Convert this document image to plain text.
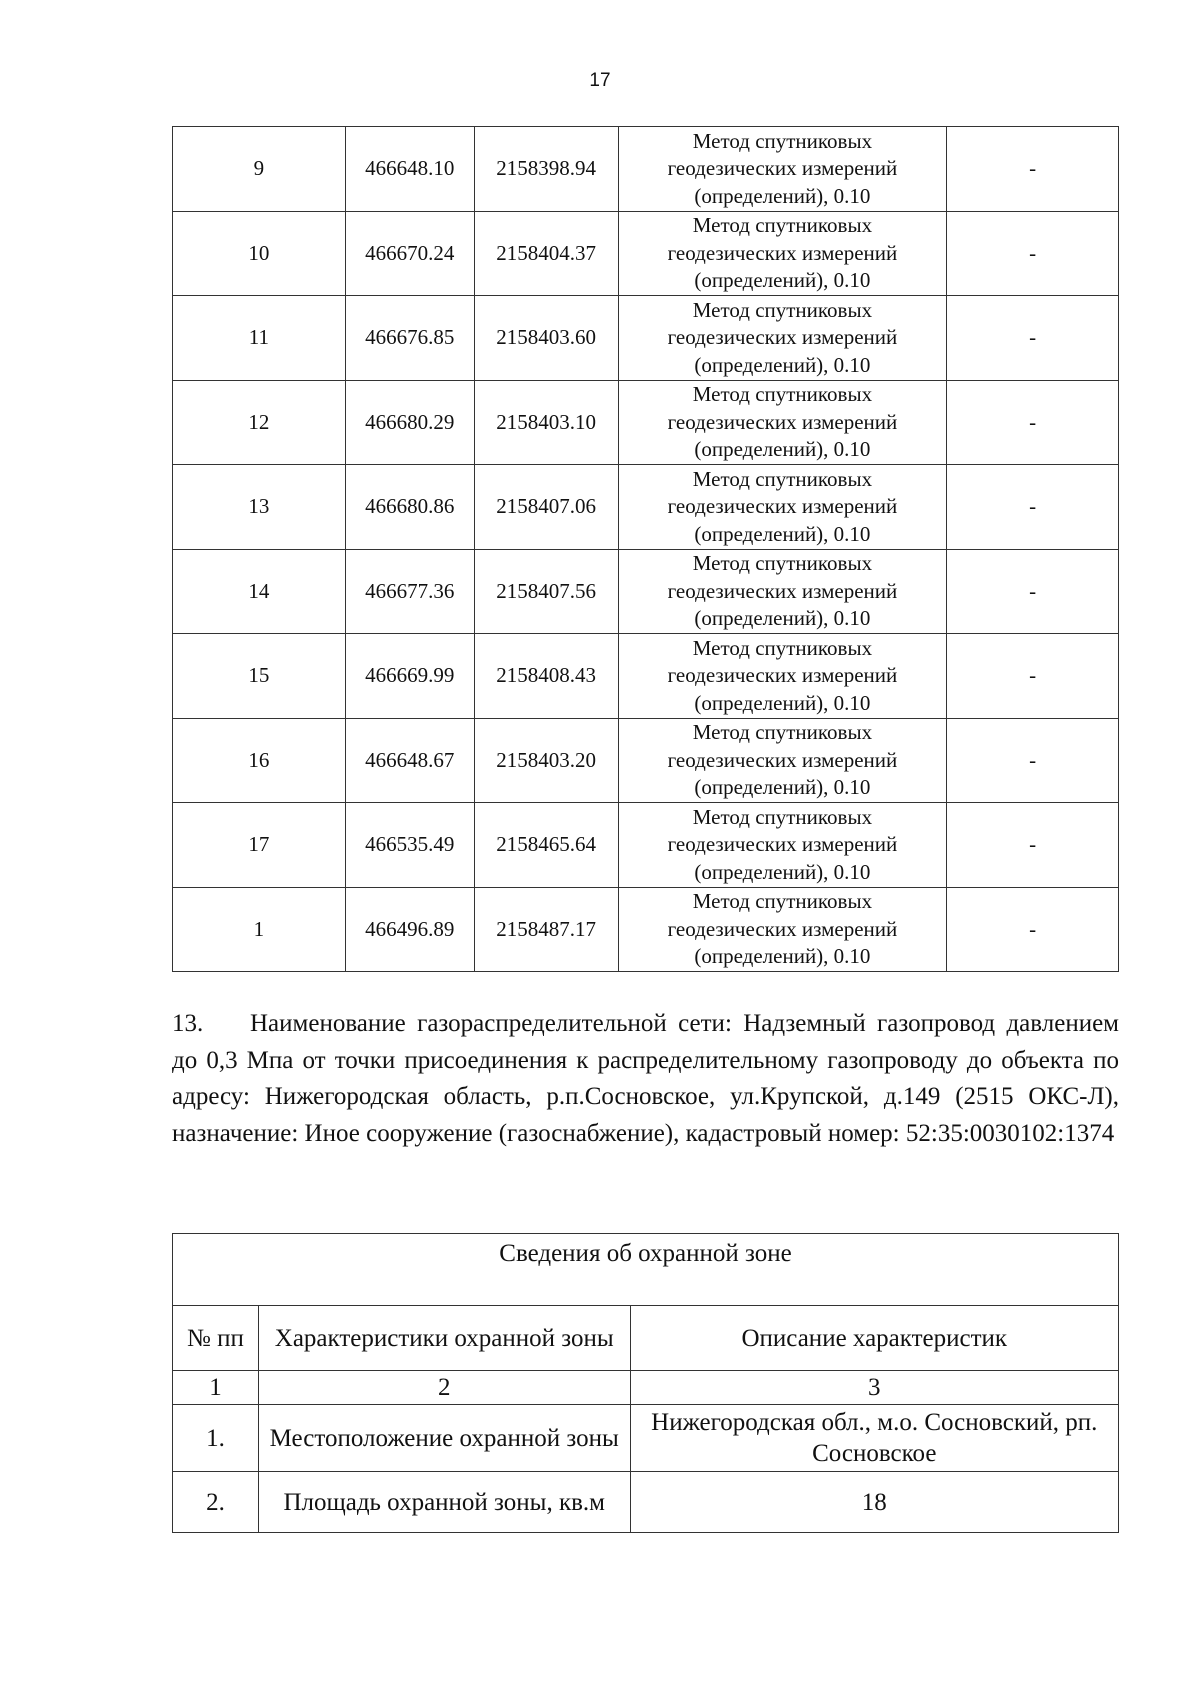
17
9	466648.10	2158398.94	Метод спутниковых
геодезических измерений
(определений), 0.10	-
10	466670.24	2158404.37	Метод спутниковых
геодезических измерений
(определений), 0.10	-
11	466676.85	2158403.60	Метод спутниковых
геодезических измерений
(определений), 0.10	-
12	466680.29	2158403.10	Метод спутниковых
геодезических измерений
(определений), 0.10	-
13	466680.86	2158407.06	Метод спутниковых
геодезических измерений
(определений), 0.10	-
14	466677.36	2158407.56	Метод спутниковых
геодезических измерений
(определений), 0.10	-
15	466669.99	2158408.43	Метод спутниковых
геодезических измерений
(определений), 0.10	-
16	466648.67	2158403.20	Метод спутниковых
геодезических измерений
(определений), 0.10	-
17	466535.49	2158465.64	Метод спутниковых
геодезических измерений
(определений), 0.10	-
1	466496.89	2158487.17	Метод спутниковых
геодезических измерений
(определений), 0.10	-

13. Наименование газораспределительной сети: Надземный газопровод давлением до 0,3 Мпа от точки присоединения к распределительному газопроводу до объекта по адресу: Нижегородская область, р.п.Сосновское, ул.Крупской, д.149 (2515 ОКС-Л), назначение: Иное сооружение (газоснабжение), кадастровый номер: 52:35:0030102:1374

Сведения об охранной зоне		
№ пп	Характеристики охранной зоны	Описание характеристик
1	2	3
1.	Местоположение охранной зоны	Нижегородская обл., м.о. Сосновский, рп. Сосновское
2.	Площадь охранной зоны, кв.м	18
